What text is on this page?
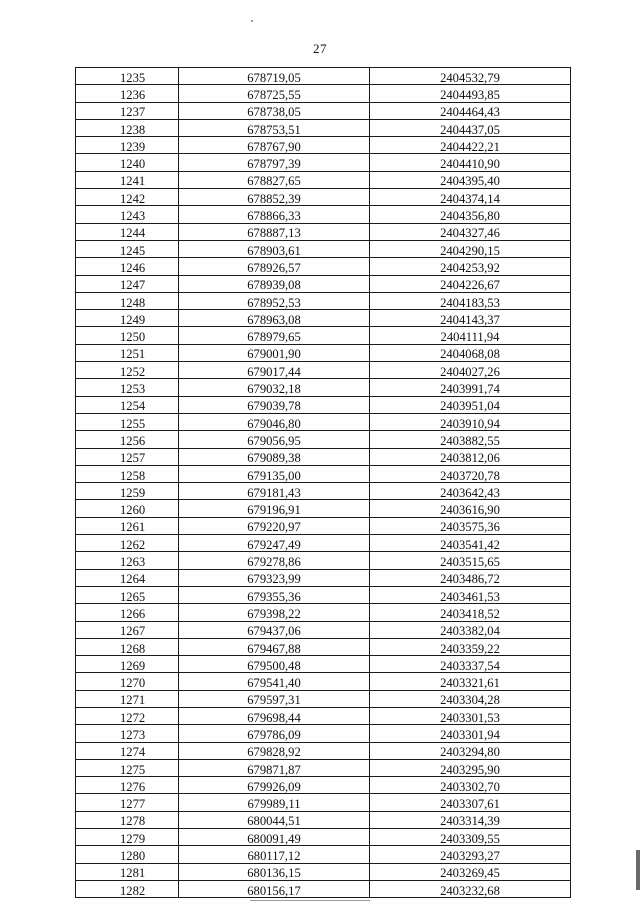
27
1235	678719,05	2404532,79
1236	678725,55	2404493,85
1237	678738,05	2404464,43
1238	678753,51	2404437,05
1239	678767,90	2404422,21
1240	678797,39	2404410,90
1241	678827,65	2404395,40
1242	678852,39	2404374,14
1243	678866,33	2404356,80
1244	678887,13	2404327,46
1245	678903,61	2404290,15
1246	678926,57	2404253,92
1247	678939,08	2404226,67
1248	678952,53	2404183,53
1249	678963,08	2404143,37
1250	678979,65	2404111,94
1251	679001,90	2404068,08
1252	679017,44	2404027,26
1253	679032,18	2403991,74
1254	679039,78	2403951,04
1255	679046,80	2403910,94
1256	679056,95	2403882,55
1257	679089,38	2403812,06
1258	679135,00	2403720,78
1259	679181,43	2403642,43
1260	679196,91	2403616,90
1261	679220,97	2403575,36
1262	679247,49	2403541,42
1263	679278,86	2403515,65
1264	679323,99	2403486,72
1265	679355,36	2403461,53
1266	679398,22	2403418,52
1267	679437,06	2403382,04
1268	679467,88	2403359,22
1269	679500,48	2403337,54
1270	679541,40	2403321,61
1271	679597,31	2403304,28
1272	679698,44	2403301,53
1273	679786,09	2403301,94
1274	679828,92	2403294,80
1275	679871,87	2403295,90
1276	679926,09	2403302,70
1277	679989,11	2403307,61
1278	680044,51	2403314,39
1279	680091,49	2403309,55
1280	680117,12	2403293,27
1281	680136,15	2403269,45
1282	680156,17	2403232,68
